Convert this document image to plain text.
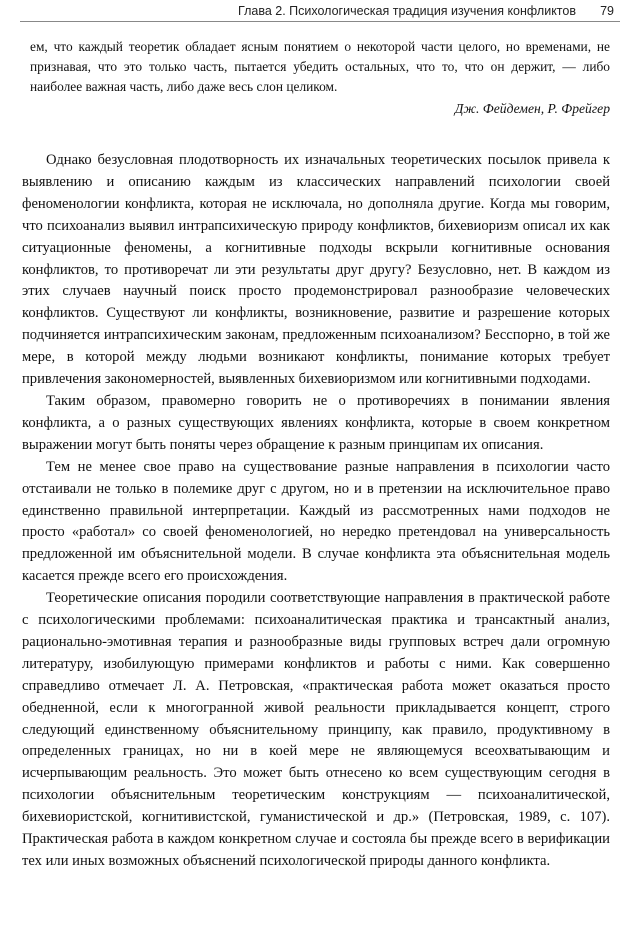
Глава 2. Психологическая традиция изучения конфликтов 79

ем, что каждый теоретик обладает ясным понятием о некоторой части целого, но временами, не признавая, что это только часть, пытается убедить остальных, что то, что он держит, — либо наиболее важная часть, либо даже весь слон целиком.

Дж. Фейдемен, Р. Фрейгер

Однако безусловная плодотворность их изначальных теоретических посылок привела к выявлению и описанию каждым из классических направлений психологии своей феноменологии конфликта, которая не исключала, но дополняла другие. Когда мы говорим, что психоанализ выявил интрапсихическую природу конфликтов, бихевиоризм описал их как ситуационные феномены, а когнитивные подходы вскрыли когнитивные основания конфликтов, то противоречат ли эти результаты друг другу? Безусловно, нет. В каждом из этих случаев научный поиск просто продемонстрировал разнообразие человеческих конфликтов. Существуют ли конфликты, возникновение, развитие и разрешение которых подчиняется интрапсихическим законам, предложенным психоанализом? Бесспорно, в той же мере, в которой между людьми возникают конфликты, понимание которых требует привлечения закономерностей, выявленных бихевиоризмом или когнитивными подходами.

Таким образом, правомерно говорить не о противоречиях в понимании явления конфликта, а о разных существующих явлениях конфликта, которые в своем конкретном выражении могут быть поняты через обращение к разным принципам их описания.

Тем не менее свое право на существование разные направления в психологии часто отстаивали не только в полемике друг с другом, но и в претензии на исключительное право единственно правильной интерпретации. Каждый из рассмотренных нами подходов не просто «работал» со своей феноменологией, но нередко претендовал на универсальность предложенной им объяснительной модели. В случае конфликта эта объяснительная модель касается прежде всего его происхождения.

Теоретические описания породили соответствующие направления в практической работе с психологическими проблемами: психоаналитическая практика и трансактный анализ, рационально-эмотивная терапия и разнообразные виды групповых встреч дали огромную литературу, изобилующую примерами конфликтов и работы с ними. Как совершенно справедливо отмечает Л. А. Петровская, «практическая работа может оказаться просто обедненной, если к многогранной живой реальности прикладывается концепт, строго следующий единственному объяснительному принципу, как правило, продуктивному в определенных границах, но ни в коей мере не являющемуся всеохватывающим и исчерпывающим реальность. Это может быть отнесено ко всем существующим сегодня в психологии объяснительным теоретическим конструкциям — психоаналитической, бихевиористской, когнитивистской, гуманистической и др.» (Петровская, 1989, с. 107). Практическая работа в каждом конкретном случае и состояла бы прежде всего в верификации тех или иных возможных объяснений психологической природы данного конфликта.
